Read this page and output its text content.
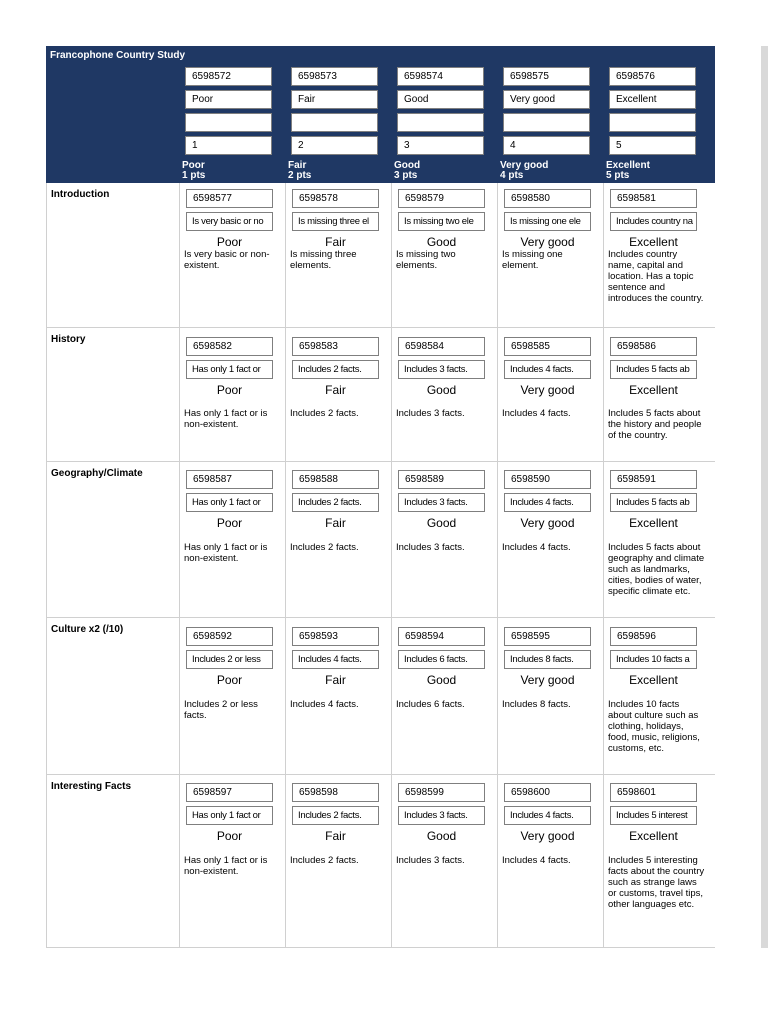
Francophone Country Study
6598572
Poor
1
Poor
1 pts
6598573
Fair
2
Fair
2 pts
6598574
Good
3
Good
3 pts
6598575
Very good
4
Very good
4 pts
6598576
Excellent
5
Excellent
5 pts
Introduction	6598577
Is very basic or no
Poor
Is very basic or non-existent.
6598578
Is missing three el
Fair
Is missing three elements.
6598579
Is missing two ele
Good
Is missing two elements.
6598580
Is missing one ele
Very good
Is missing one element.
6598581
Includes country na
Excellent
Includes country name, capital and location. Has a topic sentence and introduces the country.
History
6598582
Has only 1 fact or
Poor
Has only 1 fact or is non-existent.
6598583
Includes 2 facts.
Fair
Includes 2 facts.
6598584
Includes 3 facts.
Good
Includes 3 facts.
6598585
Includes 4 facts.
Very good
Includes 4 facts.
6598586
Includes 5 facts ab
Excellent
Includes 5 facts about the history and people of the country.
Geography/Climate
6598587
Has only 1 fact or
Poor
Has only 1 fact or is non-existent.
6598588
Includes 2 facts.
Fair
Includes 2 facts.
6598589
Includes 3 facts.
Good
Includes 3 facts.
6598590
Includes 4 facts.
Very good
Includes 4 facts.
6598591
Includes 5 facts ab
Excellent
Includes 5 facts about geography and climate such as landmarks, cities, bodies of water, specific climate etc.
Culture x2 (/10)
6598592
Includes 2 or less
Poor
Includes 2 or less facts.
6598593
Includes 4 facts.
Fair
Includes 4 facts.
6598594
Includes 6 facts.
Good
Includes 6 facts.
6598595
Includes 8 facts.
Very good
Includes 8 facts.
6598596
Includes 10 facts a
Excellent
Includes 10 facts about culture such as clothing, holidays, food, music, religions, customs, etc.
Interesting Facts
6598597
Has only 1 fact or
Poor
Has only 1 fact or is non-existent.
6598598
Includes 2 facts.
Fair
Includes 2 facts.
6598599
Includes 3 facts.
Good
Includes 3 facts.
6598600
Includes 4 facts.
Very good
Includes 4 facts.
6598601
Includes 5 interest
Excellent
Includes 5 interesting facts about the country such as strange laws or customs, travel tips, other languages etc.
